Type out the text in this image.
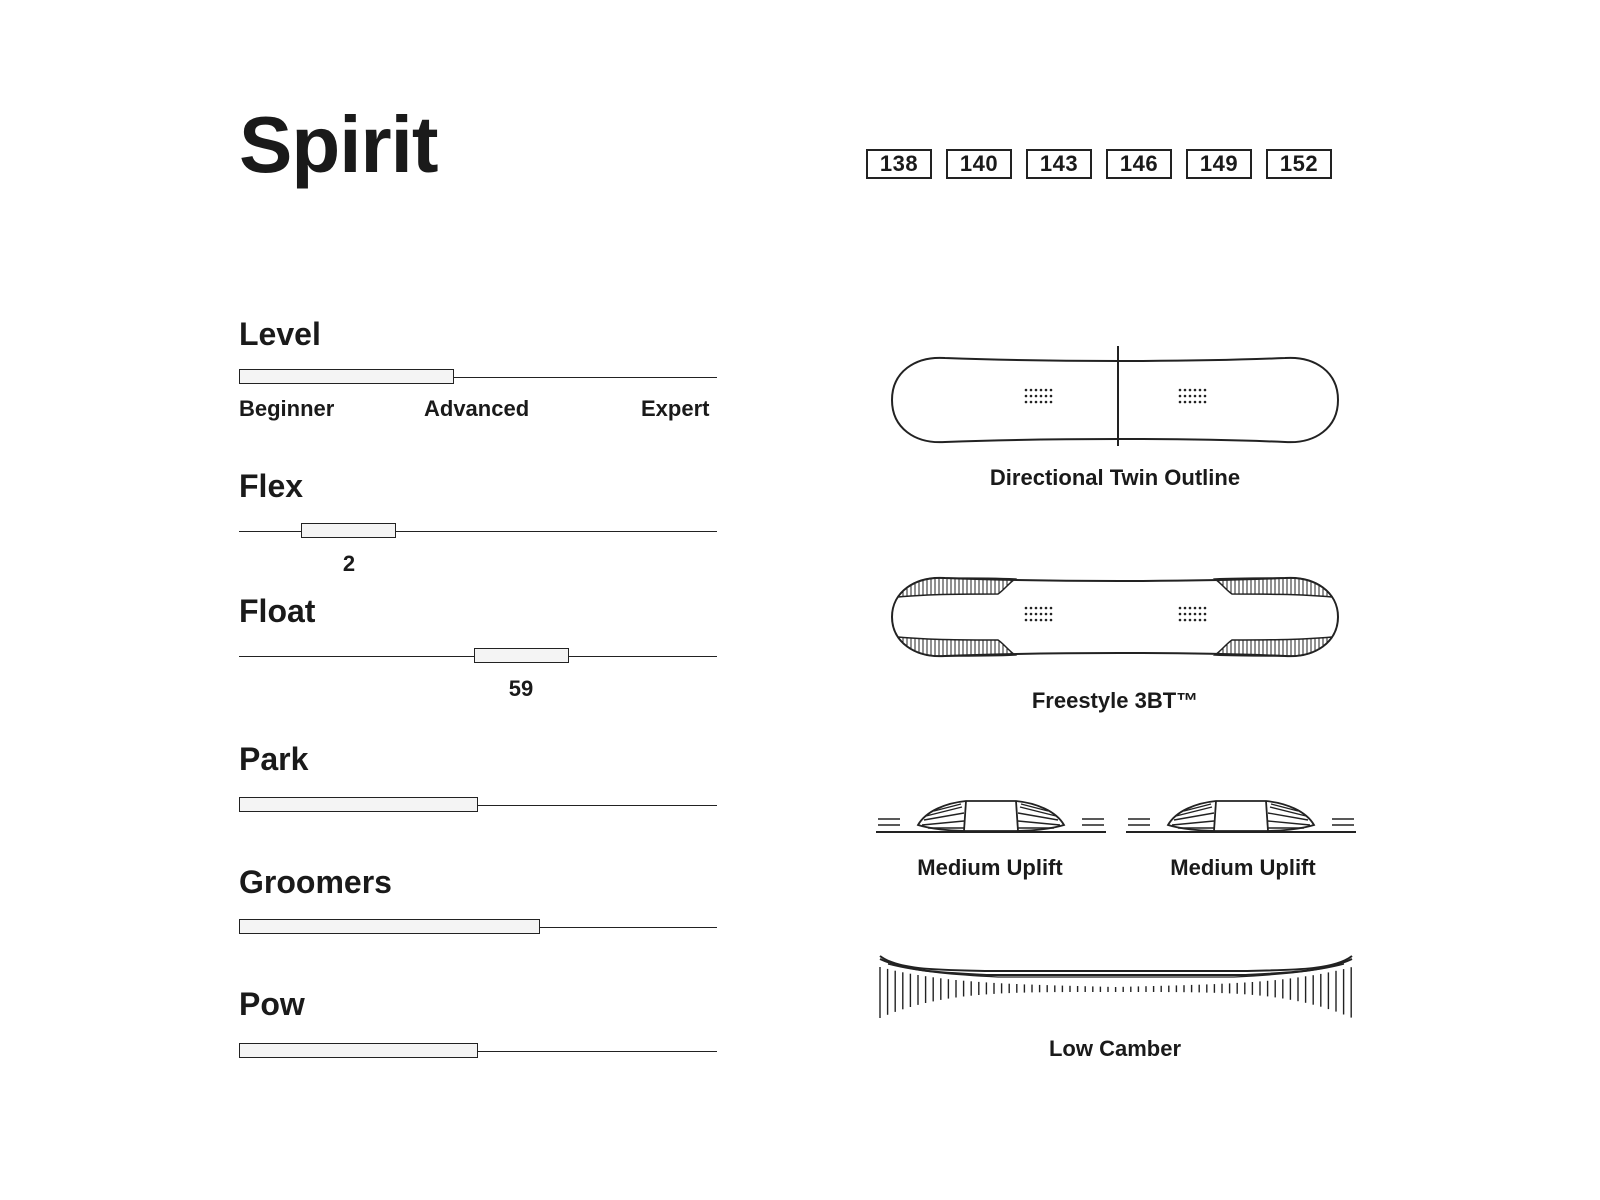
Spirit	138	140	143	146	149	152
Level
Beginner	Advanced	Expert
Flex
2
Float
59
Park
Groomers
Pow
Directional Twin Outline
Freestyle 3BT™
Medium Uplift	Medium Uplift
Low Camber
